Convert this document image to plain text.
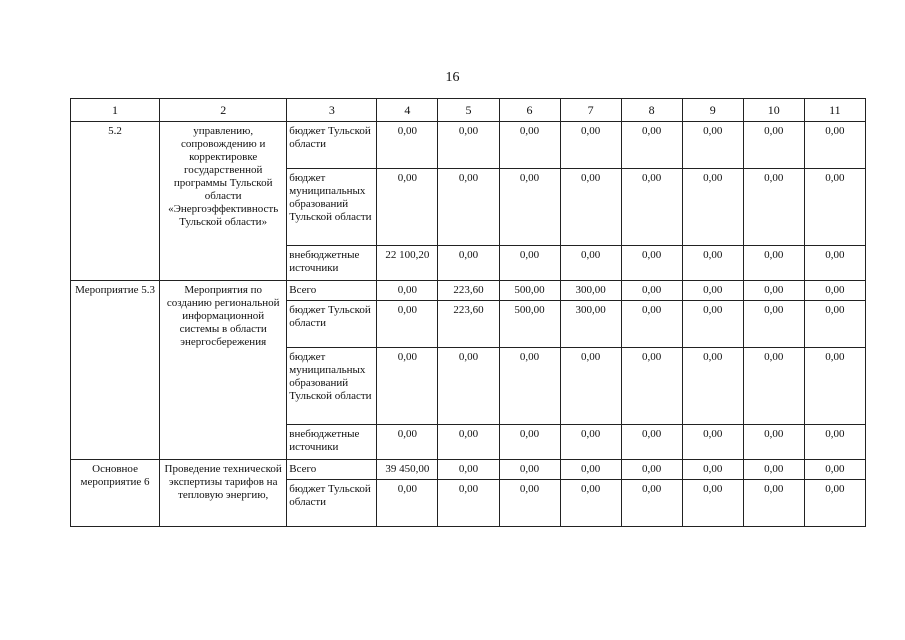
16
1	2	3	4	5	6	7	8	9	10	11
5.2	управлению, сопровождению и корректировке государственной программы Тульской области «Энергоэффективность Тульской области»	бюджет Тульской области	0,00	0,00	0,00	0,00	0,00	0,00	0,00	0,00
		бюджет муниципальных образований Тульской области	0,00	0,00	0,00	0,00	0,00	0,00	0,00	0,00
		внебюджетные источники	22 100,20	0,00	0,00	0,00	0,00	0,00	0,00	0,00
Мероприятие 5.3	Мероприятия по созданию региональной информационной системы в области энергосбережения	Всего	0,00	223,60	500,00	300,00	0,00	0,00	0,00	0,00
		бюджет Тульской области	0,00	223,60	500,00	300,00	0,00	0,00	0,00	0,00
		бюджет муниципальных образований Тульской области	0,00	0,00	0,00	0,00	0,00	0,00	0,00	0,00
		внебюджетные источники	0,00	0,00	0,00	0,00	0,00	0,00	0,00	0,00
Основное мероприятие 6	Проведение технической экспертизы тарифов на тепловую энергию,	Всего	39 450,00	0,00	0,00	0,00	0,00	0,00	0,00	0,00
		бюджет Тульской области	0,00	0,00	0,00	0,00	0,00	0,00	0,00	0,00
